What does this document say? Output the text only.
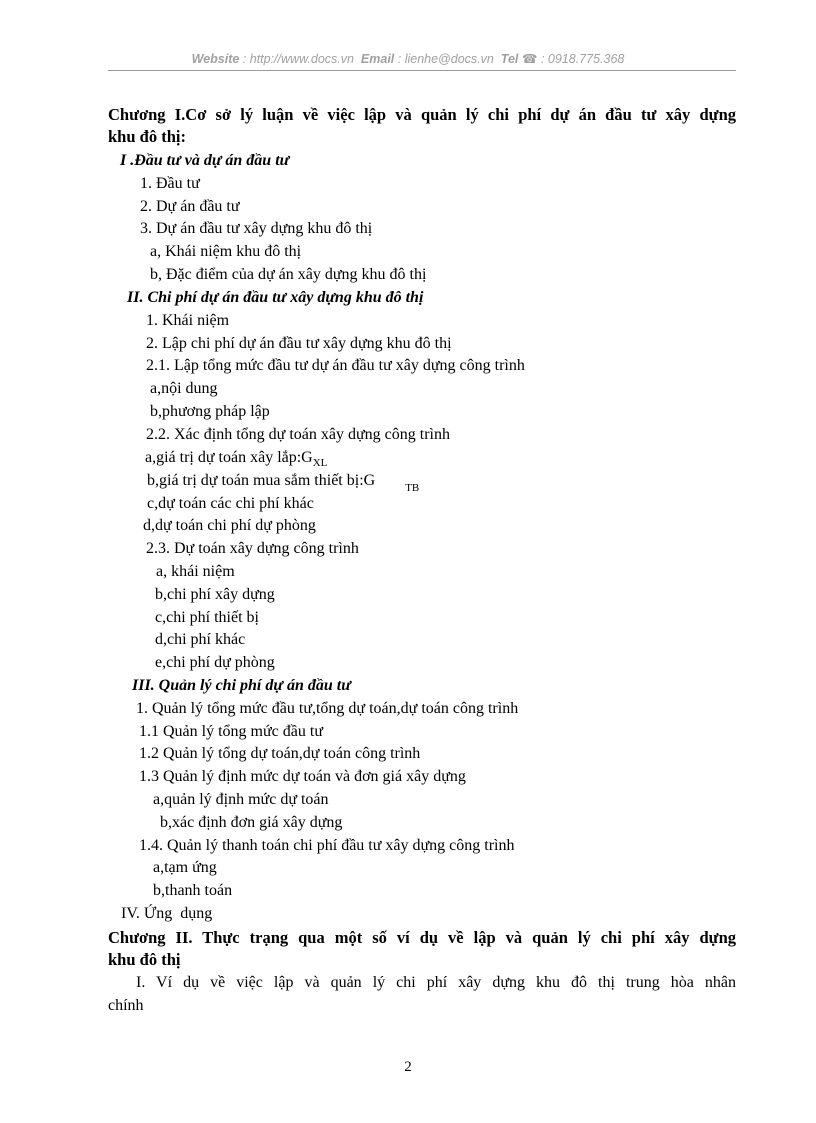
Website : http://www.docs.vn Email : lienhe@docs.vn Tel ☎ : 0918.775.368
Chương I.Cơ sở lý luận về việc lập và quản lý chi phí dự án đầu tư xây dựng
khu đô thị:
I .Đầu tư và dự án đầu tư
1. Đầu tư
2. Dự án đầu tư
3. Dự án đầu tư xây dựng khu đô thị
a, Khái niệm khu đô thị
b, Đặc điểm của dự án xây dựng khu đô thị
II. Chi phí dự án đầu tư xây dựng khu đô thị
1. Khái niệm
2. Lập chi phí dự án đầu tư xây dựng khu đô thị
2.1. Lập tổng mức đầu tư dự án đầu tư xây dựng công trình
a,nội dung
b,phương pháp lập
2.2. Xác định tổng dự toán xây dựng công trình
a,giá trị dự toán xây $lắp:G_{XL}$
b,giá trị dự toán mua sắm thiết bị:G	$_{TB}$
c,dự toán các chi phí khác
d,dự toán chi phí dự phòng
2.3. Dự toán xây dựng công trình
a, khái niệm
b,chi phí xây dựng
c,chi phí thiết bị
d,chi phí khác
e,chi phí dự phòng
III. Quản lý chi phí dự án đầu tư
1. Quản lý tổng mức đầu tư,tổng dự toán,dự toán công trình
1.1 Quản lý tổng mức đầu tư
1.2 Quản lý tổng dự toán,dự toán công trình
1.3 Quản lý định mức dự toán và đơn giá xây dựng
a,quản lý định mức dự toán
b,xác định đơn giá xây dựng
1.4. Quản lý thanh toán chi phí đầu tư xây dựng công trình
a,tạm ứng
b,thanh toán
IV. Ứng  dụng
Chương II. Thực trạng qua một số ví dụ về lập và quản lý chi phí xây dựng
khu đô thị
I. Ví dụ về việc lập và quản lý chi phí xây dựng khu đô thị trung hòa nhân
chính
2
